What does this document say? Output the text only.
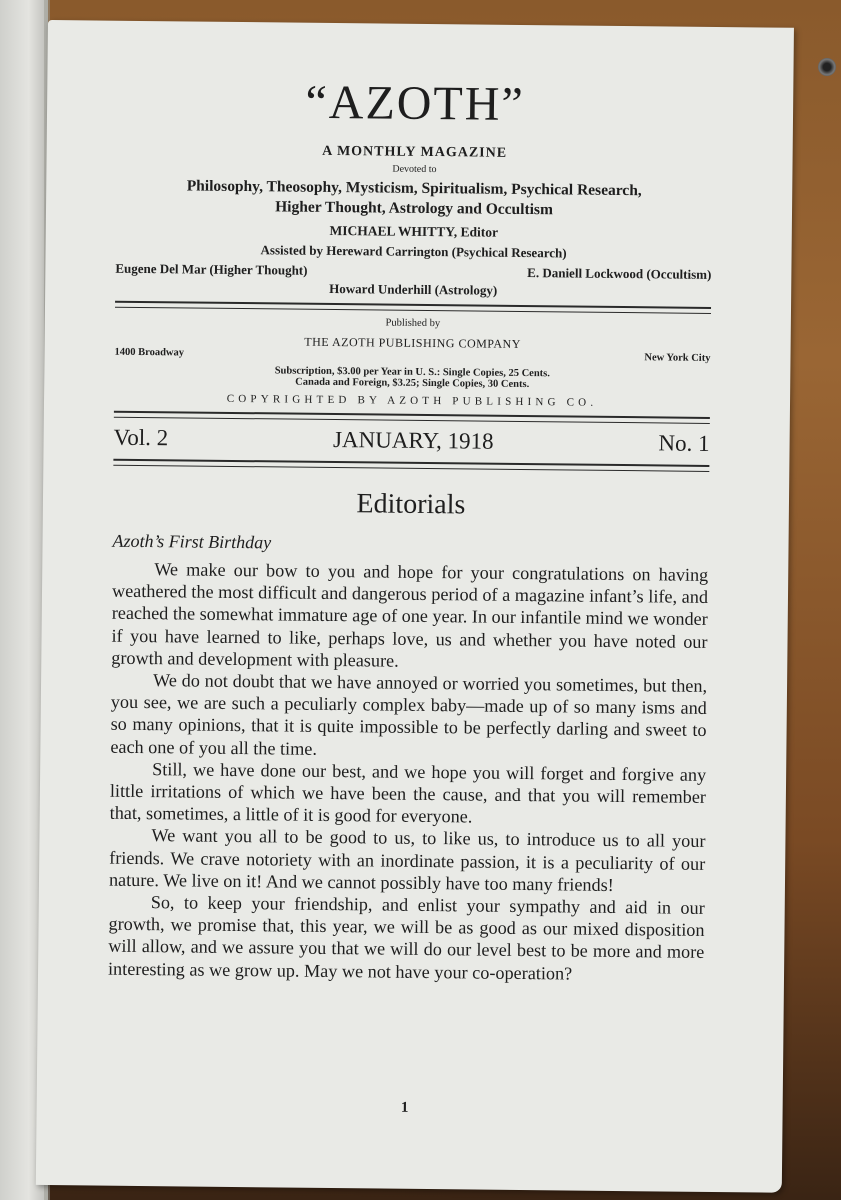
“AZOTH”
A MONTHLY MAGAZINE
Devoted to
Philosophy, Theosophy, Mysticism, Spiritualism, Psychical Research,
Higher Thought, Astrology and Occultism
MICHAEL WHITTY, Editor
Assisted by Hereward Carrington (Psychical Research)
Eugene Del Mar (Higher Thought)	E. Daniell Lockwood (Occultism)
Howard Underhill (Astrology)
Published by
THE AZOTH PUBLISHING COMPANY
1400 Broadway	New York City
Subscription, $3.00 per Year in U. S.: Single Copies, 25 Cents.
Canada and Foreign, $3.25; Single Copies, 30 Cents.
COPYRIGHTED BY AZOTH PUBLISHING CO.
Vol. 2	JANUARY, 1918	No. 1
Editorials
Azoth’s First Birthday

We make our bow to you and hope for your congratulations on having weathered the most difficult and dangerous period of a magazine infant’s life, and reached the somewhat immature age of one year. In our infantile mind we wonder if you have learned to like, perhaps love, us and whether you have noted our growth and development with pleasure.

We do not doubt that we have annoyed or worried you sometimes, but then, you see, we are such a peculiarly complex baby—made up of so many isms and so many opinions, that it is quite impossible to be perfectly darling and sweet to each one of you all the time.

Still, we have done our best, and we hope you will forget and forgive any little irritations of which we have been the cause, and that you will remember that, sometimes, a little of it is good for everyone.

We want you all to be good to us, to like us, to introduce us to all your friends. We crave notoriety with an inordinate passion, it is a peculiarity of our nature. We live on it! And we cannot possibly have too many friends!

So, to keep your friendship, and enlist your sympathy and aid in our growth, we promise that, this year, we will be as good as our mixed disposition will allow, and we assure you that we will do our level best to be more and more interesting as we grow up. May we not have your co-operation?

1
